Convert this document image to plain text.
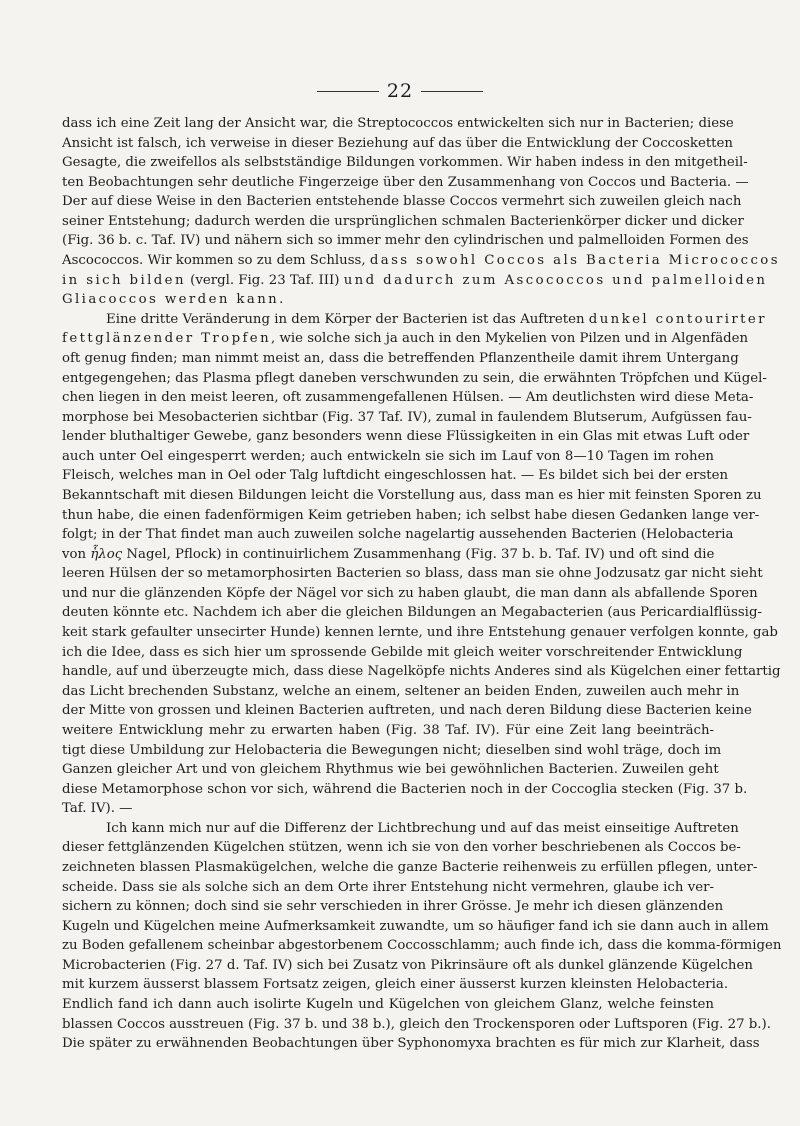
22
dass ich eine Zeit lang der Ansicht war, die Streptococcos entwickelten sich nur in Bacterien; diese
Ansicht ist falsch, ich verweise in dieser Beziehung auf das über die Entwicklung der Coccosketten
Gesagte, die zweifellos als selbstständige Bildungen vorkommen. Wir haben indess in den mitgetheil-
ten Beobachtungen sehr deutliche Fingerzeige über den Zusammenhang von Coccos und Bacteria. —
Der auf diese Weise in den Bacterien entstehende blasse Coccos vermehrt sich zuweilen gleich nach
seiner Entstehung; dadurch werden die ursprünglichen schmalen Bacterienkörper dicker und dicker
(Fig. 36 b. c. Taf. IV) und nähern sich so immer mehr den cylindrischen und palmelloiden Formen des
Ascococcos. Wir kommen so zu dem Schluss, dass sowohl Coccos als Bacteria Micrococcos
in sich bilden (vergl. Fig. 23 Taf. III) und dadurch zum Ascococcos und palmelloiden
Gliacoccos werden kann.
Eine dritte Veränderung in dem Körper der Bacterien ist das Auftreten dunkel contourirter
fettglänzender Tropfen, wie solche sich ja auch in den Mykelien von Pilzen und in Algenfäden
oft genug finden; man nimmt meist an, dass die betreffenden Pflanzentheile damit ihrem Untergang
entgegengehen; das Plasma pflegt daneben verschwunden zu sein, die erwähnten Tröpfchen und Kügel-
chen liegen in den meist leeren, oft zusammengefallenen Hülsen. — Am deutlichsten wird diese Meta-
morphose bei Mesobacterien sichtbar (Fig. 37 Taf. IV), zumal in faulendem Blutserum, Aufgüssen fau-
lender bluthaltiger Gewebe, ganz besonders wenn diese Flüssigkeiten in ein Glas mit etwas Luft oder
auch unter Oel eingesperrt werden; auch entwickeln sie sich im Lauf von 8—10 Tagen im rohen
Fleisch, welches man in Oel oder Talg luftdicht eingeschlossen hat. — Es bildet sich bei der ersten
Bekanntschaft mit diesen Bildungen leicht die Vorstellung aus, dass man es hier mit feinsten Sporen zu
thun habe, die einen fadenförmigen Keim getrieben haben; ich selbst habe diesen Gedanken lange ver-
folgt; in der That findet man auch zuweilen solche nagelartig aussehenden Bacterien (Helobacteria
von ἧλος Nagel, Pflock) in continuirlichem Zusammenhang (Fig. 37 b. b. Taf. IV) und oft sind die
leeren Hülsen der so metamorphosirten Bacterien so blass, dass man sie ohne Jodzusatz gar nicht sieht
und nur die glänzenden Köpfe der Nägel vor sich zu haben glaubt, die man dann als abfallende Sporen
deuten könnte etc. Nachdem ich aber die gleichen Bildungen an Megabacterien (aus Pericardialflüssig-
keit stark gefaulter unsecirter Hunde) kennen lernte, und ihre Entstehung genauer verfolgen konnte, gab
ich die Idee, dass es sich hier um sprossende Gebilde mit gleich weiter vorschreitender Entwicklung
handle, auf und überzeugte mich, dass diese Nagelköpfe nichts Anderes sind als Kügelchen einer fettartig
das Licht brechenden Substanz, welche an einem, seltener an beiden Enden, zuweilen auch mehr in
der Mitte von grossen und kleinen Bacterien auftreten, und nach deren Bildung diese Bacterien keine
weitere Entwicklung mehr zu erwarten haben (Fig. 38 Taf. IV). Für eine Zeit lang beeinträch-
tigt diese Umbildung zur Helobacteria die Bewegungen nicht; dieselben sind wohl träge, doch im
Ganzen gleicher Art und von gleichem Rhythmus wie bei gewöhnlichen Bacterien. Zuweilen geht
diese Metamorphose schon vor sich, während die Bacterien noch in der Coccoglia stecken (Fig. 37 b.
Taf. IV). —
Ich kann mich nur auf die Differenz der Lichtbrechung und auf das meist einseitige Auftreten
dieser fettglänzenden Kügelchen stützen, wenn ich sie von den vorher beschriebenen als Coccos be-
zeichneten blassen Plasmakügelchen, welche die ganze Bacterie reihenweis zu erfüllen pflegen, unter-
scheide. Dass sie als solche sich an dem Orte ihrer Entstehung nicht vermehren, glaube ich ver-
sichern zu können; doch sind sie sehr verschieden in ihrer Grösse. Je mehr ich diesen glänzenden
Kugeln und Kügelchen meine Aufmerksamkeit zuwandte, um so häufiger fand ich sie dann auch in allem
zu Boden gefallenem scheinbar abgestorbenem Coccosschlamm; auch finde ich, dass die komma-förmigen
Microbacterien (Fig. 27 d. Taf. IV) sich bei Zusatz von Pikrinsäure oft als dunkel glänzende Kügelchen
mit kurzem äusserst blassem Fortsatz zeigen, gleich einer äusserst kurzen kleinsten Helobacteria.
Endlich fand ich dann auch isolirte Kugeln und Kügelchen von gleichem Glanz, welche feinsten
blassen Coccos ausstreuen (Fig. 37 b. und 38 b.), gleich den Trockensporen oder Luftsporen (Fig. 27 b.).
Die später zu erwähnenden Beobachtungen über Syphonomyxa brachten es für mich zur Klarheit, dass
